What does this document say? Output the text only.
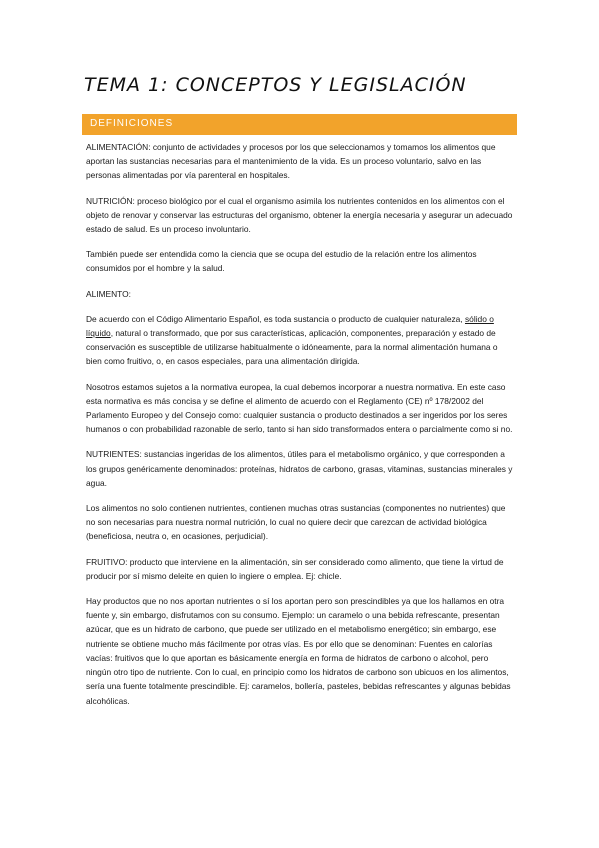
TEMA 1: CONCEPTOS Y LEGISLACIÓN
DEFINICIONES

ALIMENTACIÓN: conjunto de actividades y procesos por los que seleccionamos y tomamos los alimentos que aportan las sustancias necesarias para el mantenimiento de la vida. Es un proceso voluntario, salvo en las personas alimentadas por vía parenteral en hospitales.

NUTRICIÓN: proceso biológico por el cual el organismo asimila los nutrientes contenidos en los alimentos con el objeto de renovar y conservar las estructuras del organismo, obtener la energía necesaria y asegurar un adecuado estado de salud. Es un proceso involuntario.

También puede ser entendida como la ciencia que se ocupa del estudio de la relación entre los alimentos consumidos por el hombre y la salud.

ALIMENTO:

De acuerdo con el Código Alimentario Español, es toda sustancia o producto de cualquier naturaleza, sólido o líquido, natural o transformado, que por sus características, aplicación, componentes, preparación y estado de conservación es susceptible de utilizarse habitualmente o idóneamente, para la normal alimentación humana o bien como fruitivo, o, en casos especiales, para una alimentación dirigida.

Nosotros estamos sujetos a la normativa europea, la cual debemos incorporar a nuestra normativa. En este caso esta normativa es más concisa y se define el alimento de acuerdo con el Reglamento (CE) nº 178/2002 del Parlamento Europeo y del Consejo como: cualquier sustancia o producto destinados a ser ingeridos por los seres humanos o con probabilidad razonable de serlo, tanto si han sido transformados entera o parcialmente como si no.

NUTRIENTES: sustancias ingeridas de los alimentos, útiles para el metabolismo orgánico, y que corresponden a los grupos genéricamente denominados: proteínas, hidratos de carbono, grasas, vitaminas, sustancias minerales y agua.

Los alimentos no solo contienen nutrientes, contienen muchas otras sustancias (componentes no nutrientes) que no son necesarias para nuestra normal nutrición, lo cual no quiere decir que carezcan de actividad biológica (beneficiosa, neutra o, en ocasiones, perjudicial).

FRUITIVO: producto que interviene en la alimentación, sin ser considerado como alimento, que tiene la virtud de producir por sí mismo deleite en quien lo ingiere o emplea. Ej: chicle.

Hay productos que no nos aportan nutrientes o sí los aportan pero son prescindibles ya que los hallamos en otra fuente y, sin embargo, disfrutamos con su consumo. Ejemplo: un caramelo o una bebida refrescante, presentan azúcar, que es un hidrato de carbono, que puede ser utilizado en el metabolismo energético; sin embargo, ese nutriente se obtiene mucho más fácilmente por otras vías. Es por ello que se denominan: Fuentes en calorías vacías: fruitivos que lo que aportan es básicamente energía en forma de hidratos de carbono o alcohol, pero ningún otro tipo de nutriente. Con lo cual, en principio como los hidratos de carbono son ubicuos en los alimentos, sería una fuente totalmente prescindible. Ej: caramelos, bollería, pasteles, bebidas refrescantes y algunas bebidas alcohólicas.
